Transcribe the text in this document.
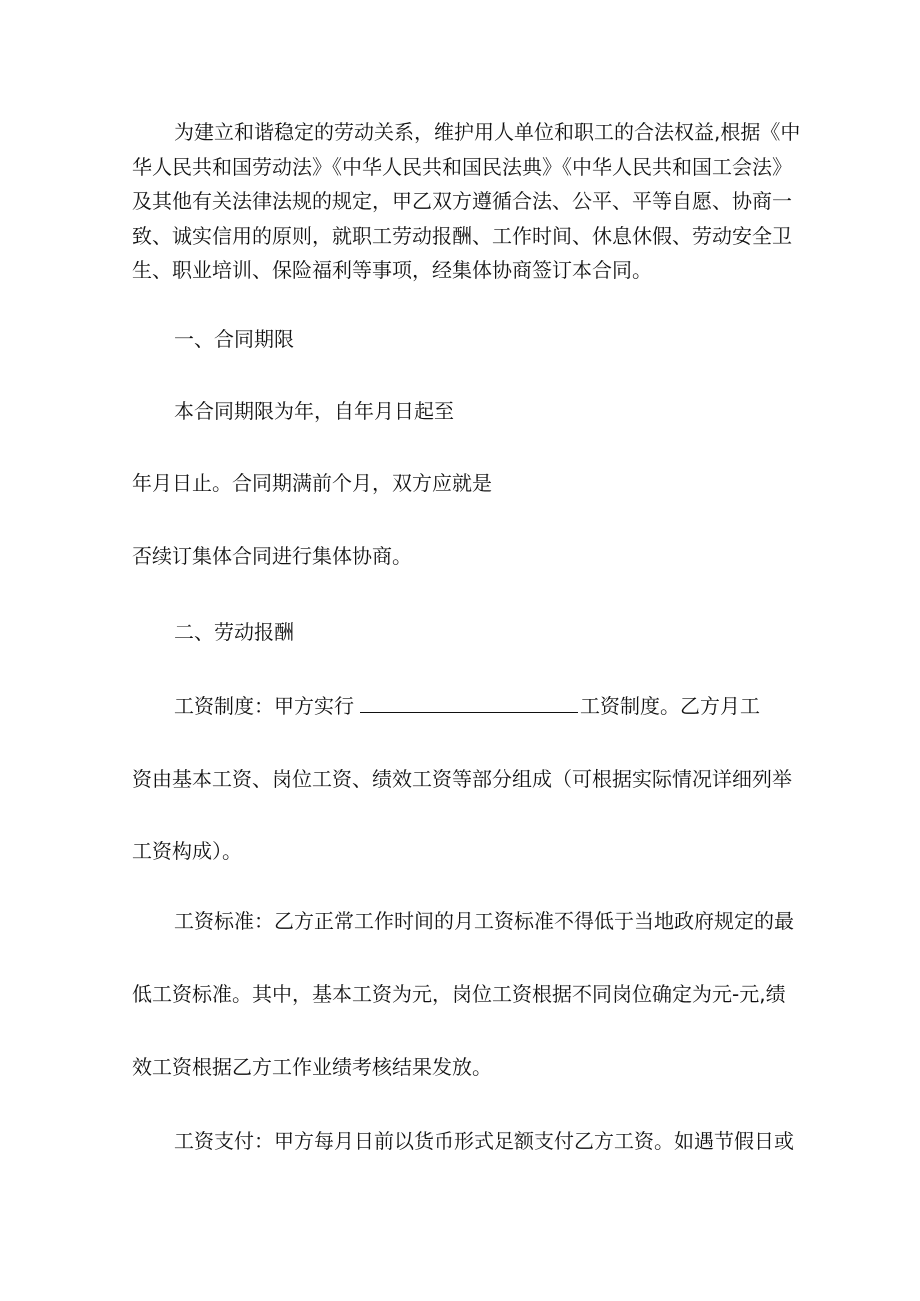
为建立和谐稳定的劳动关系，维护用人单位和职工的合法权益,根据《中

华人民共和国劳动法》《中华人民共和国民法典》《中华人民共和国工会法》

及其他有关法律法规的规定，甲乙双方遵循合法、公平、平等自愿、协商一

致、诚实信用的原则，就职工劳动报酬、工作时间、休息休假、劳动安全卫

生、职业培训、保险福利等事项，经集体协商签订本合同。

一、合同期限

本合同期限为年，自年月日起至

年月日止。合同期满前个月，双方应就是

否续订集体合同进行集体协商。

二、劳动报酬

工资制度：甲方实行	工资制度。乙方月工

资由基本工资、岗位工资、绩效工资等部分组成（可根据实际情况详细列举

工资构成）。

工资标准：乙方正常工作时间的月工资标准不得低于当地政府规定的最

低工资标准。其中，基本工资为元，岗位工资根据不同岗位确定为元-元,绩

效工资根据乙方工作业绩考核结果发放。

工资支付：甲方每月日前以货币形式足额支付乙方工资。如遇节假日或
